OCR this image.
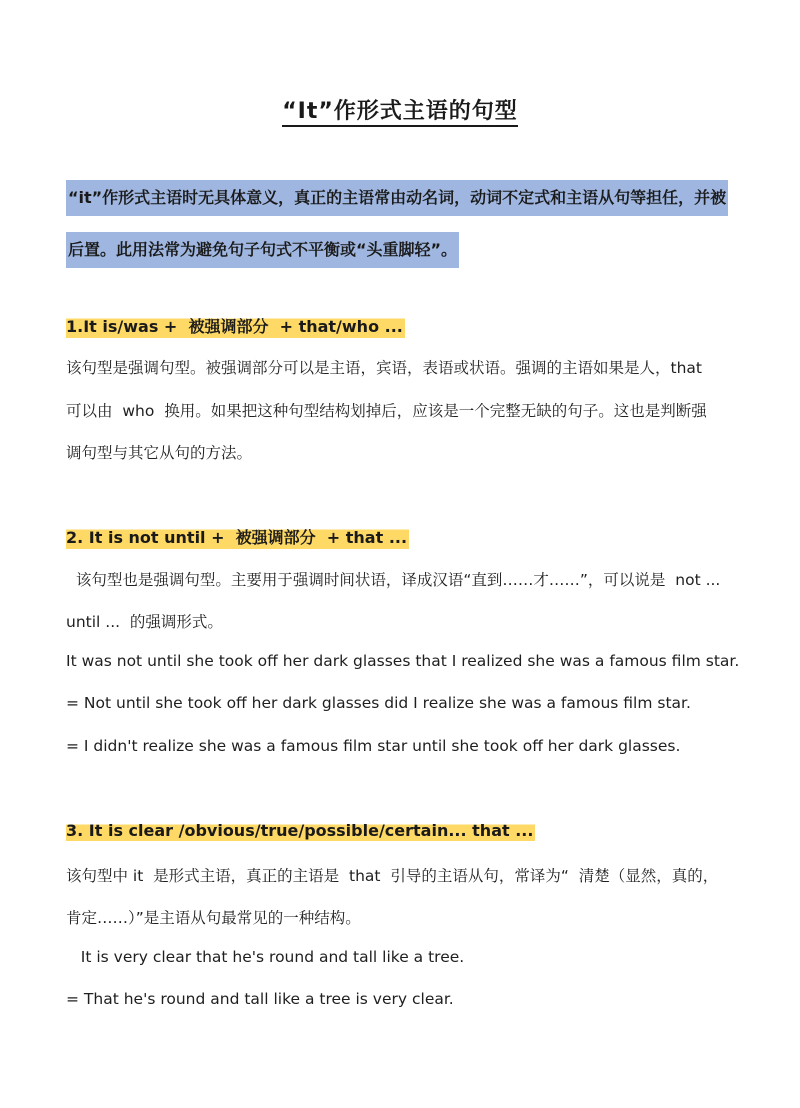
“It”作形式主语的句型
“it”作形式主语时无具体意义，真正的主语常由动名词，动词不定式和主语从句等担任，并被
后置。此用法常为避免句子句式不平衡或“头重脚轻”。
1.It is/was +  被强调部分  + that/who ...
该句型是强调句型。被强调部分可以是主语，宾语，表语或状语。强调的主语如果是人，that
可以由  who  换用。如果把这种句型结构划掉后，应该是一个完整无缺的句子。这也是判断强
调句型与其它从句的方法。
2. It is not until +  被强调部分  + that ...
该句型也是强调句型。主要用于强调时间状语，译成汉语“直到……才……”，可以说是  not ...
until ...  的强调形式。
It was not until she took off her dark glasses that I realized she was a famous film star.
= Not until she took off her dark glasses did I realize she was a famous film star.
= I didn't realize she was a famous film star until she took off her dark glasses.
3. It is clear /obvious/true/possible/certain... that ...
该句型中 it  是形式主语，真正的主语是  that  引导的主语从句，常译为“  清楚（显然，真的，
肯定……）”是主语从句最常见的一种结构。
It is very clear that he's round and tall like a tree.
= That he's round and tall like a tree is very clear.
